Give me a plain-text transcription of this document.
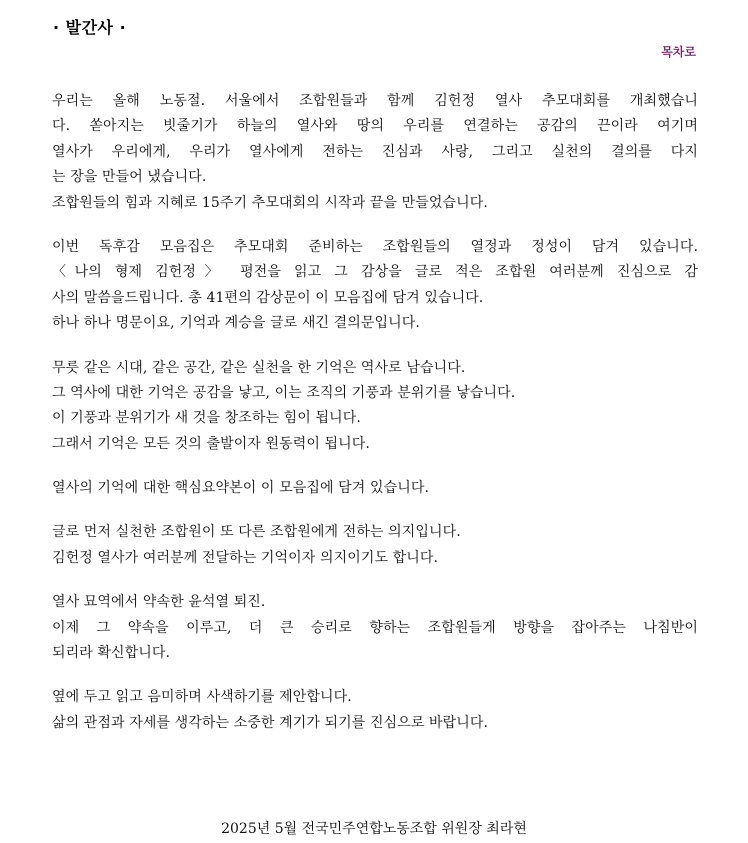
· 발간사 ·
목차로
우리는 올해 노동절. 서울에서 조합원들과 함께 김헌정 열사 추모대회를 개최했습니
다. 쏟아지는 빗줄기가 하늘의 열사와 땅의 우리를 연결하는 공감의 끈이라 여기며
열사가 우리에게, 우리가 열사에게 전하는 진심과 사랑, 그리고 실천의 결의를 다지
는 장을 만들어 냈습니다.
조합원들의 힘과 지혜로 15주기 추모대회의 시작과 끝을 만들었습니다.
이번 독후감 모음집은 추모대회 준비하는 조합원들의 열정과 정성이 담겨 있습니다.
〈나의 형제 김헌정〉 평전을 읽고 그 감상을 글로 적은 조합원 여러분께 진심으로 감
사의 말씀을드립니다. 총 41편의 감상문이 이 모음집에 담겨 있습니다.
하나 하나 명문이요, 기억과 계승을 글로 새긴 결의문입니다.
무릇 같은 시대, 같은 공간, 같은 실천을 한 기억은 역사로 남습니다.
그 역사에 대한 기억은 공감을 낳고, 이는 조직의 기풍과 분위기를 낳습니다.
이 기풍과 분위기가 새 것을 창조하는 힘이 됩니다.
그래서 기억은 모든 것의 출발이자 원동력이 됩니다.
열사의 기억에 대한 핵심요약본이 이 모음집에 담겨 있습니다.
글로 먼저 실천한 조합원이 또 다른 조합원에게 전하는 의지입니다.
김헌정 열사가 여러분께 전달하는 기억이자 의지이기도 합니다.
열사 묘역에서 약속한 윤석열 퇴진.
이제 그 약속을 이루고, 더 큰 승리로 향하는 조합원들게 방향을 잡아주는 나침반이
되리라 확신합니다.
옆에 두고 읽고 음미하며 사색하기를 제안합니다.
삶의 관점과 자세를 생각하는 소중한 계기가 되기를 진심으로 바랍니다.
2025년 5월 전국민주연합노동조합 위원장 최라현
